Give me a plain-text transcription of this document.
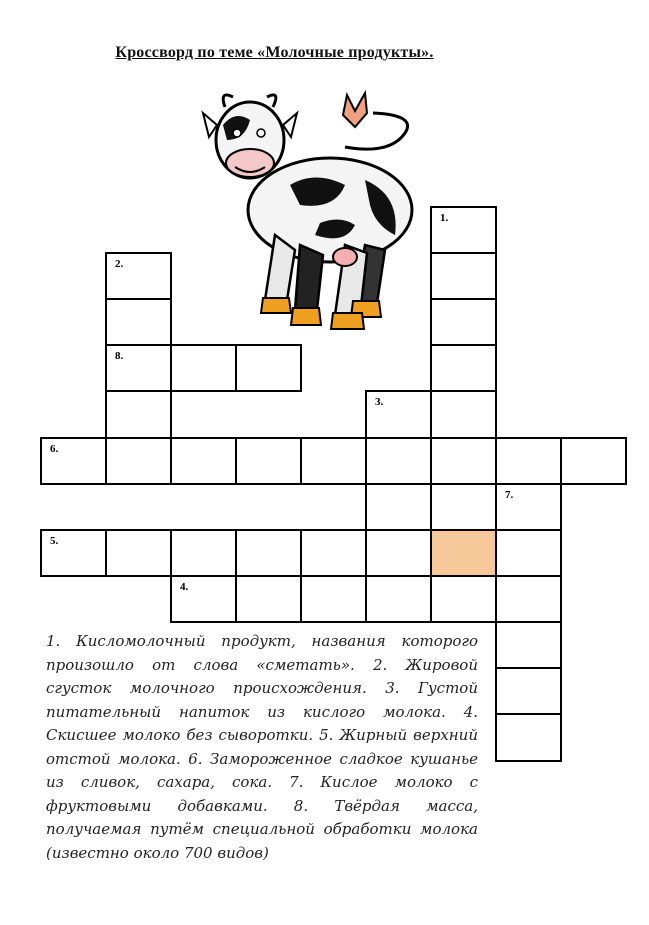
Кроссворд по теме «Молочные продукты».
1.
2.
8.
6.
3.
5.
4.
7.
1. Кисломолочный продукт, названия которого произошло от слова «сметать». 2. Жировой сгусток молочного происхождения. 3. Густой питательный напиток из кислого молока. 4. Скисшее молоко без сыворотки. 5. Жирный верхний отстой молока. 6. Замороженное сладкое кушанье из сливок, сахара, сока. 7. Кислое молоко с фруктовыми добавками. 8. Твёрдая масса, получаемая путём специальной обработки молока (известно около 700 видов)
